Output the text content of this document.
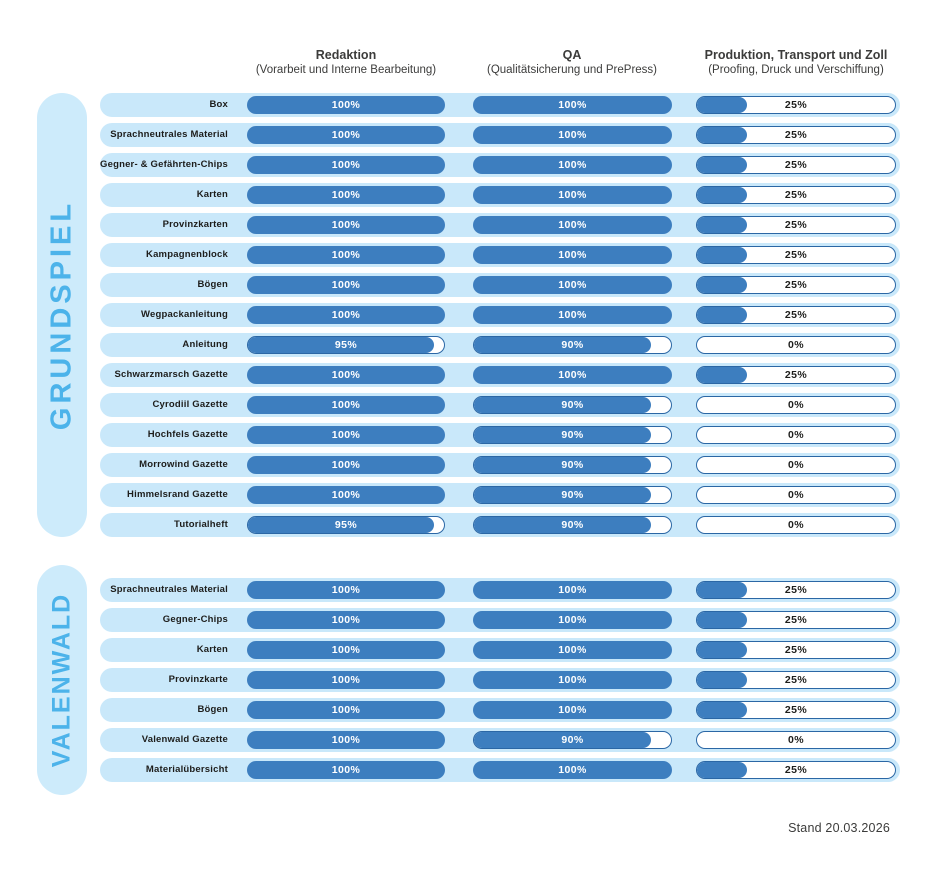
Redaktion
(Vorarbeit und Interne Bearbeitung)
QA
(Qualitätsicherung und PrePress)
Produktion, Transport und Zoll
(Proofing, Druck und Verschiffung)
GRUNDSPIEL
Box	100%	100%	25%
Sprachneutrales Material	100%	100%	25%
Gegner- & Gefährten-Chips	100%	100%	25%
Karten	100%	100%	25%
Provinzkarten	100%	100%	25%
Kampagnenblock	100%	100%	25%
Bögen	100%	100%	25%
Wegpackanleitung	100%	100%	25%
Anleitung	95%	90%	0%
Schwarzmarsch Gazette	100%	100%	25%
Cyrodiil Gazette	100%	90%	0%
Hochfels Gazette	100%	90%	0%
Morrowind Gazette	100%	90%	0%
Himmelsrand Gazette	100%	90%	0%
Tutorialheft	95%	90%	0%
VALENWALD
Sprachneutrales Material	100%	100%	25%
Gegner-Chips	100%	100%	25%
Karten	100%	100%	25%
Provinzkarte	100%	100%	25%
Bögen	100%	100%	25%
Valenwald Gazette	100%	90%	0%
Materialübersicht	100%	100%	25%
Stand 20.03.2026
